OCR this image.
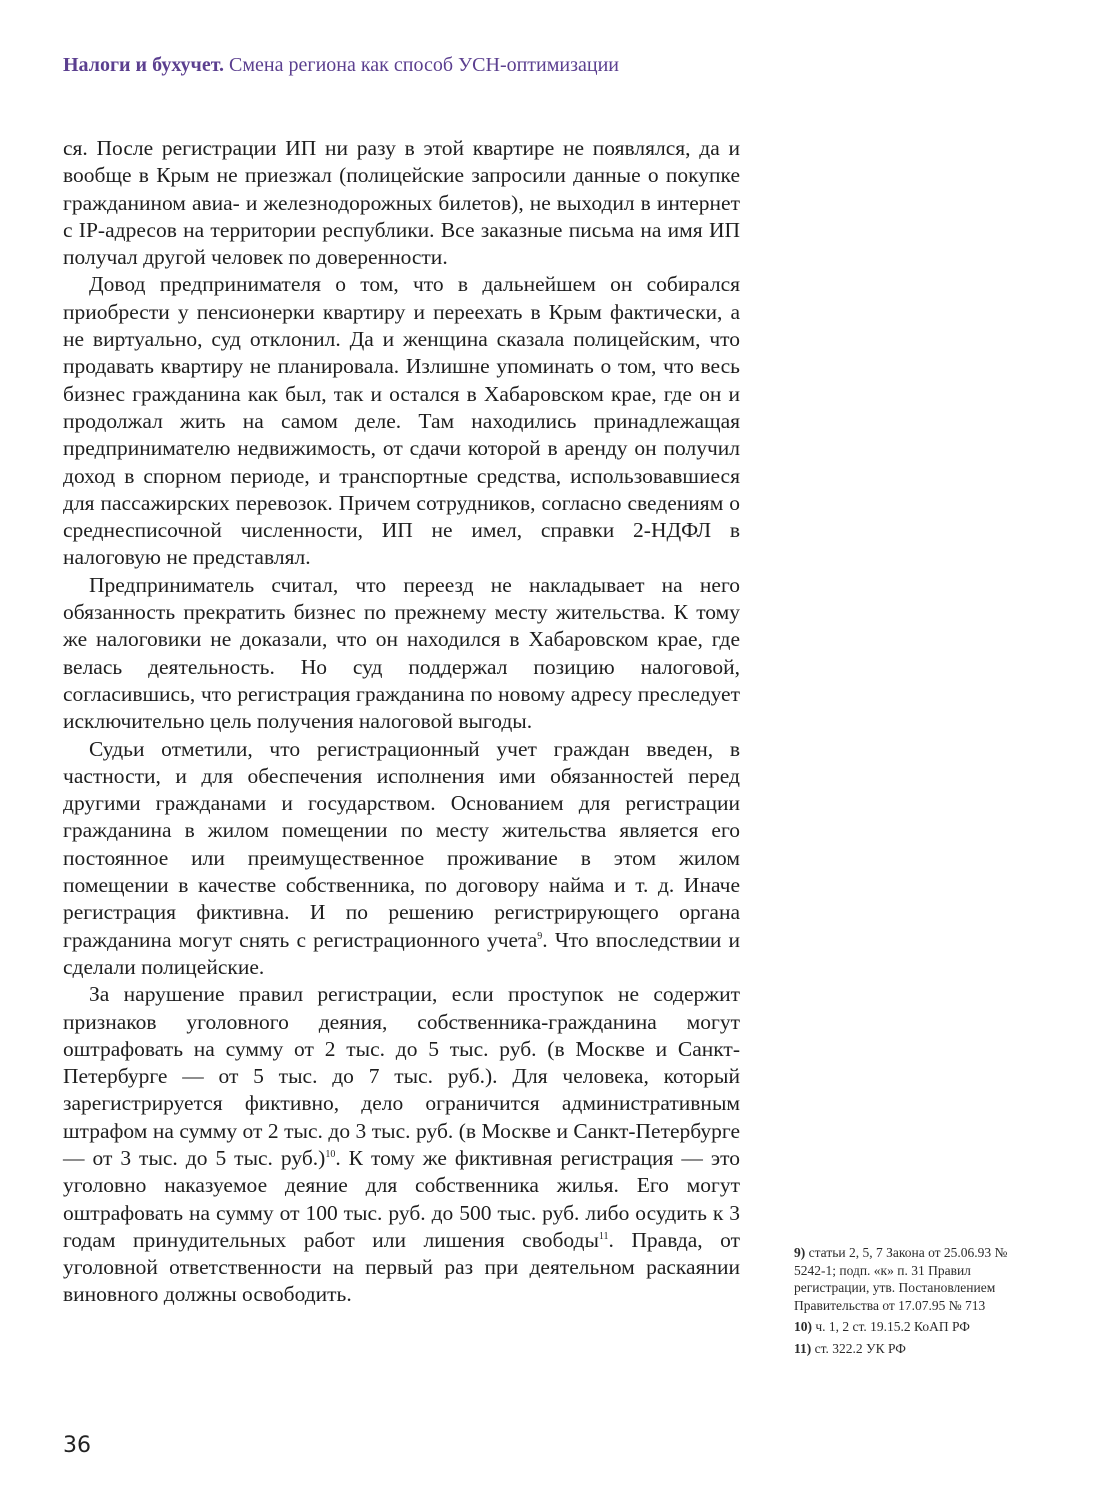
Налоги и бухучет. Смена региона как способ УСН-оптимизации

ся. После регистрации ИП ни разу в этой квартире не появлялся, да и вообще в Крым не приезжал (полицейские запросили данные о покупке гражданином авиа- и железнодорожных билетов), не выходил в интернет с IP-адресов на территории республики. Все заказные письма на имя ИП получал другой человек по доверенности.

Довод предпринимателя о том, что в дальнейшем он собирался приобрести у пенсионерки квартиру и переехать в Крым фактически, а не виртуально, суд отклонил. Да и женщина сказала полицейским, что продавать квартиру не планировала. Излишне упоминать о том, что весь бизнес гражданина как был, так и остался в Хабаровском крае, где он и продолжал жить на самом деле. Там находились принадлежащая предпринимателю недвижимость, от сдачи которой в аренду он получил доход в спорном периоде, и транспортные средства, использовавшиеся для пассажирских перевозок. Причем сотрудников, согласно сведениям о среднесписочной численности, ИП не имел, справки 2-НДФЛ в налоговую не представлял.

Предприниматель считал, что переезд не накладывает на него обязанность прекратить бизнес по прежнему месту жительства. К тому же налоговики не доказали, что он находился в Хабаровском крае, где велась деятельность. Но суд поддержал позицию налоговой, согласившись, что регистрация гражданина по новому адресу преследует исключительно цель получения налоговой выгоды.

Судьи отметили, что регистрационный учет граждан введен, в частности, и для обеспечения исполнения ими обязанностей перед другими гражданами и государством. Основанием для регистрации гражданина в жилом помещении по месту жительства является его постоянное или преимущественное проживание в этом жилом помещении в качестве собственника, по договору найма и т. д. Иначе регистрация фиктивна. И по решению регистрирующего органа гражданина могут снять с регистрационного учета$^9$. Что впоследствии и сделали полицейские.

За нарушение правил регистрации, если проступок не содержит признаков уголовного деяния, собственника-гражданина могут оштрафовать на сумму от 2 тыс. до 5 тыс. руб. (в Москве и Санкт-Петербурге — от 5 тыс. до 7 тыс. руб.). Для человека, который зарегистрируется фиктивно, дело ограничится административным штрафом на сумму от 2 тыс. до 3 тыс. руб. (в Москве и Санкт-Петербурге — от 3 тыс. до 5 тыс. руб.)$^{10}$. К тому же фиктивная регистрация — это уголовно наказуемое деяние для собственника жилья. Его могут оштрафовать на сумму от 100 тыс. руб. до 500 тыс. руб. либо осудить к 3 годам принудительных работ или лишения свободы$^{11}$. Правда, от уголовной ответственности на первый раз при деятельном раскаянии виновного должны освободить.

9) статьи 2, 5, 7 Закона от 25.06.93 № 5242-1; подп. «к» п. 31 Правил регистрации, утв. Постановлением Правительства от 17.07.95 № 713
10) ч. 1, 2 ст. 19.15.2 КоАП РФ
11) ст. 322.2 УК РФ
36
